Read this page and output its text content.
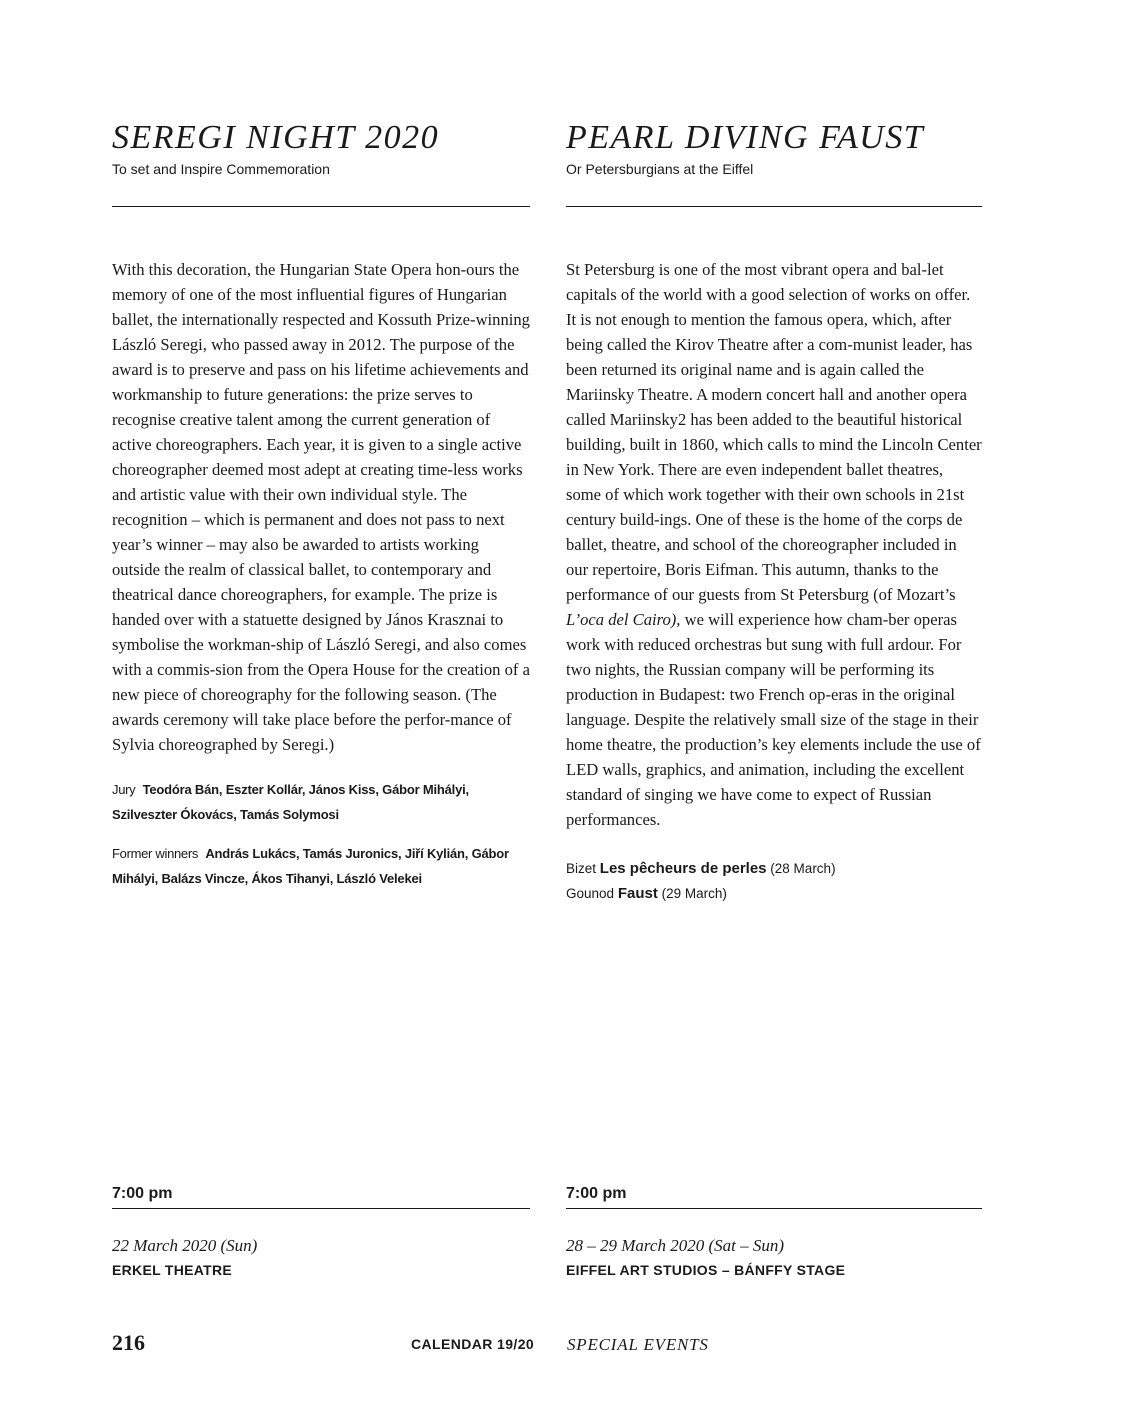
SEREGI NIGHT 2020
To set and Inspire Commemoration
With this decoration, the Hungarian State Opera hon-ours the memory of one of the most influential figures of Hungarian ballet, the internationally respected and Kossuth Prize-winning László Seregi, who passed away in 2012. The purpose of the award is to preserve and pass on his lifetime achievements and workmanship to future generations: the prize serves to recognise creative talent among the current generation of active choreographers. Each year, it is given to a single active choreographer deemed most adept at creating time-less works and artistic value with their own individual style. The recognition – which is permanent and does not pass to next year’s winner – may also be awarded to artists working outside the realm of classical ballet, to contemporary and theatrical dance choreographers, for example. The prize is handed over with a statuette designed by János Krasznai to symbolise the workman-ship of László Seregi, and also comes with a commis-sion from the Opera House for the creation of a new piece of choreography for the following season. (The awards ceremony will take place before the perfor-mance of Sylvia choreographed by Seregi.)
Jury Teodóra Bán, Eszter Kollár, János Kiss, Gábor Mihályi, Szilveszter Ókovács, Tamás Solymosi
Former winners András Lukács, Tamás Juronics, Jiří Kylián, Gábor Mihályi, Balázs Vincze, Ákos Tihanyi, László Velekei
PEARL DIVING FAUST
Or Petersburgians at the Eiffel
St Petersburg is one of the most vibrant opera and bal-let capitals of the world with a good selection of works on offer. It is not enough to mention the famous opera, which, after being called the Kirov Theatre after a com-munist leader, has been returned its original name and is again called the Mariinsky Theatre. A modern concert hall and another opera called Mariinsky2 has been added to the beautiful historical building, built in 1860, which calls to mind the Lincoln Center in New York. There are even independent ballet theatres, some of which work together with their own schools in 21st century build-ings. One of these is the home of the corps de ballet, theatre, and school of the choreographer included in our repertoire, Boris Eifman. This autumn, thanks to the performance of our guests from St Petersburg (of Mozart’s L’oca del Cairo), we will experience how cham-ber operas work with reduced orchestras but sung with full ardour. For two nights, the Russian company will be performing its production in Budapest: two French op-eras in the original language. Despite the relatively small size of the stage in their home theatre, the production’s key elements include the use of LED walls, graphics, and animation, including the excellent standard of singing we have come to expect of Russian performances.
Bizet Les pêcheurs de perles (28 March)
Gounod Faust (29 March)
7:00 pm
22 March 2020 (Sun)
ERKEL THEATRE
7:00 pm
28 – 29 March 2020 (Sat – Sun)
EIFFEL ART STUDIOS – BÁNFFY STAGE
216	CALENDAR 19/20 SPECIAL EVENTS
